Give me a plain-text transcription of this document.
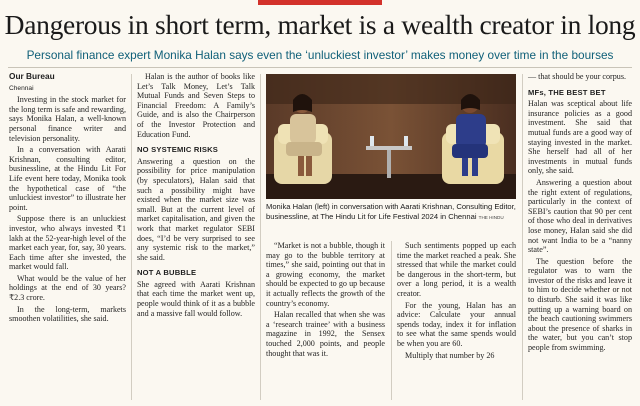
Dangerous in short term, market is a wealth creator in long
Personal finance expert Monika Halan says even the ‘unluckiest investor’ makes money over time in the bourses

Our Bureau

Chennai

Investing in the stock market for the long term is safe and rewarding, says Monika Halan, a well-known personal finance writer and television personality.

In a conversation with Aarati Krishnan, consulting editor, businessline, at the Hindu Lit For Life event here today, Monika took the hypothetical case of “the unluckiest investor” to illustrate her point.

Suppose there is an unluckiest investor, who always invested ₹1 lakh at the 52-year-high level of the market each year, for, say, 30 years. Each time after she invested, the market would fall.

What would be the value of her holdings at the end of 30 years? ₹2.3 crore.

In the long-term, markets smoothen volatilities, she said.

Halan is the author of books like Let’s Talk Money, Let’s Talk Mutual Funds and Seven Steps to Financial Freedom: A Family’s Guide, and is also the Chairperson of the Investor Protection and Education Fund.

NO SYSTEMIC RISKS

Answering a question on the possibility for price manipulation (by speculators), Halan said that such a possibility might have existed when the market size was small. But at the current level of market capitalisation, and given the work that market regulator SEBI does, “I’d be very surprised to see any systemic risk to the market,” she said.

NOT A BUBBLE

She agreed with Aarati Krishnan that each time the market went up, people would think of it as a bubble and a massive fall would follow.

Monika Halan (left) in conversation with Aarati Krishnan, Consulting Editor, businessline, at The Hindu Lit for Life Festival 2024 in Chennai THE HINDU

“Market is not a bubble, though it may go to the bubble territory at times,” she said, pointing out that in a growing economy, the market should be expected to go up because it actually reflects the growth of the country’s economy.

Halan recalled that when she was a ‘research trainee’ with a business magazine in 1992, the Sensex touched 2,000 points, and people thought that was it.

Such sentiments popped up each time the market reached a peak. She stressed that while the market could be dangerous in the short-term, but over a long period, it is a wealth creator.

For the young, Halan has an advice: Calculate your annual spends today, index it for inflation to see what the same spends would be when you are 60.

Multiply that number by 26

— that should be your corpus.

MFs, THE BEST BET

Halan was sceptical about life insurance policies as a good investment. She said that mutual funds are a good way of staying invested in the market. She herself had all of her investments in mutual funds only, she said.

Answering a question about the right extent of regulations, particularly in the context of SEBI’s caution that 90 per cent of those who deal in derivatives lose money, Halan said she did not want India to be a “nanny state”.

The question before the regulator was to warn the investor of the risks and leave it to him to decide whether or not to disturb. She said it was like putting up a warning board on the beach cautioning swimmers about the presence of sharks in the water, but you can’t stop people from swimming.
